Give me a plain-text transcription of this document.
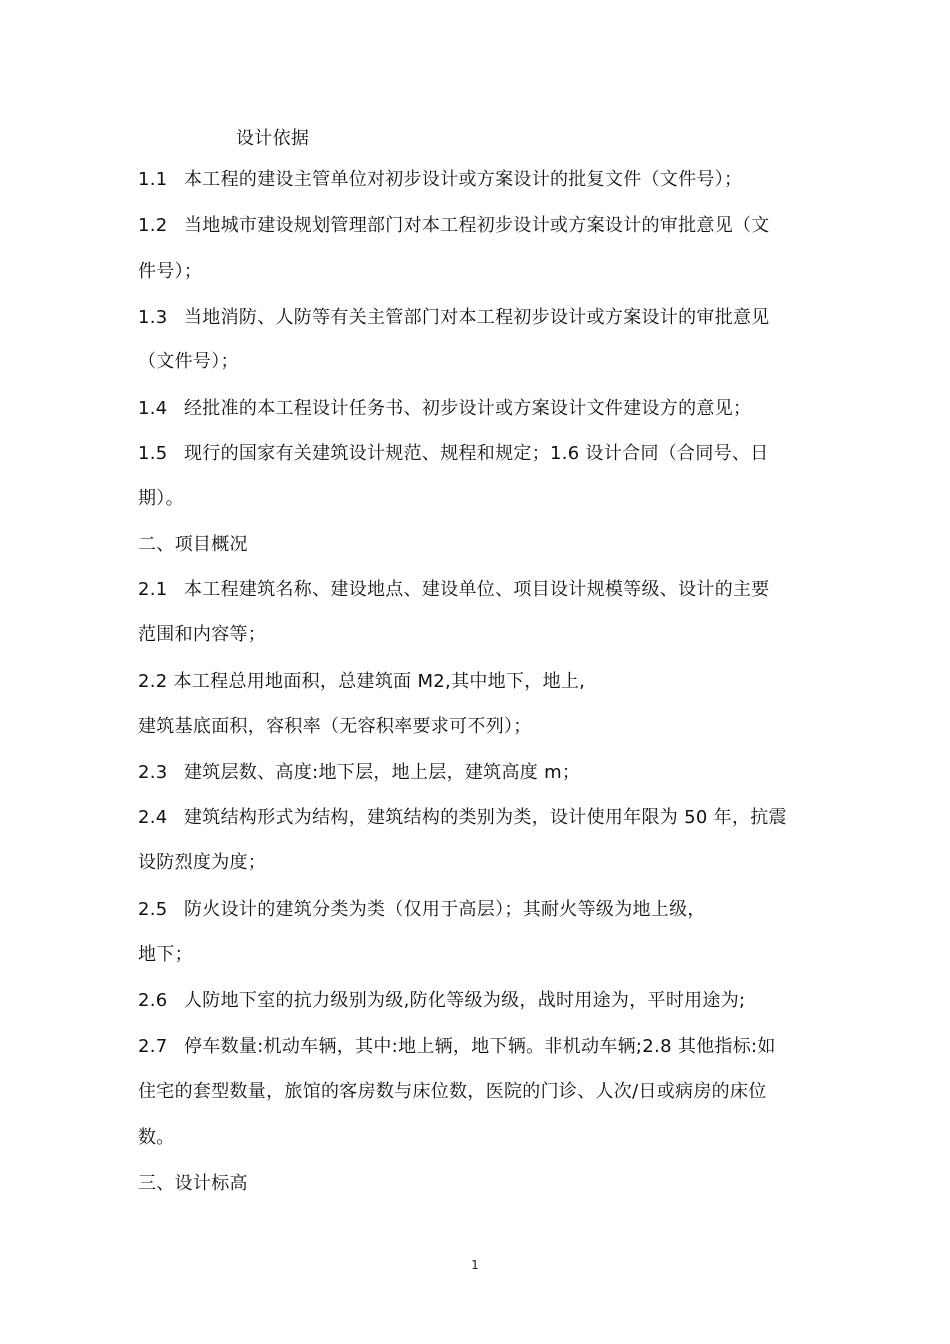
设计依据
1.1 本工程的建设主管单位对初步设计或方案设计的批复文件（文件号）；
1.2 当地城市建设规划管理部门对本工程初步设计或方案设计的审批意见（文
件号）；
1.3 当地消防、人防等有关主管部门对本工程初步设计或方案设计的审批意见
（文件号）；
1.4 经批准的本工程设计任务书、初步设计或方案设计文件建设方的意见；
1.5 现行的国家有关建筑设计规范、规程和规定；1.6 设计合同（合同号、日
期）。
二、项目概况
2.1 本工程建筑名称、建设地点、建设单位、项目设计规模等级、设计的主要
范围和内容等；
2.2 本工程总用地面积，总建筑面 M2,其中地下，地上,
建筑基底面积，容积率（无容积率要求可不列）；
2.3 建筑层数、高度:地下层，地上层，建筑高度 m；
2.4 建筑结构形式为结构，建筑结构的类别为类，设计使用年限为 50 年，抗震
设防烈度为度；
2.5 防火设计的建筑分类为类（仅用于高层）；其耐火等级为地上级，
地下；
2.6 人防地下室的抗力级别为级,防化等级为级，战时用途为，平时用途为;
2.7 停车数量:机动车辆，其中:地上辆，地下辆。非机动车辆;2.8 其他指标:如
住宅的套型数量，旅馆的客房数与床位数，医院的门诊、人次/日或病房的床位
数。
三、设计标高
1
